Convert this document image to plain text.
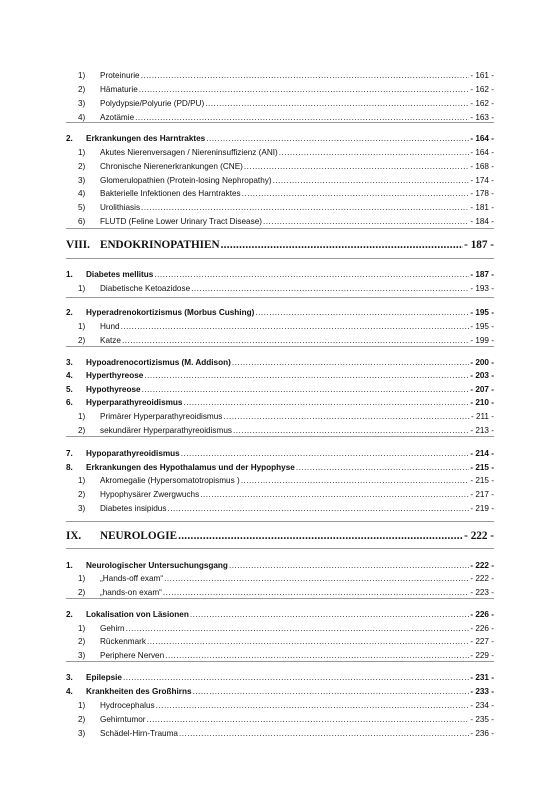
1)	Proteinurie .....	- 161 -
2)	Hämaturie .....	- 162 -
3)	Polydypsie/Polyurie (PD/PU) .....	- 162 -
4)	Azotämie .....	- 163 -
2.	Erkrankungen des Harntraktes .....	- 164 -
1)	Akutes Nierenversagen / Niereninsuffizienz (ANI) .....	- 164 -
2)	Chronische Nierenerkrankungen (CNE) .....	- 168 -
3)	Glomerulopathien (Protein-losing Nephropathy) .....	- 174 -
4)	Bakterielle Infektionen des Harntraktes .....	- 178 -
5)	Urolithiasis .....	- 181 -
6)	FLUTD (Feline Lower Urinary Tract Disease) .....	- 184 -
VIII. ENDOKRINOPATHIEN .....	- 187 -
1.	Diabetes mellitus .....	- 187 -
1)	Diabetische Ketoazidose .....	- 193 -
2.	Hyperadrenokortizismus (Morbus Cushing) .....	- 195 -
1)	Hund .....	- 195 -
2)	Katze .....	- 199 -
3.	Hypoadrenocortizismus (M. Addison) .....	- 200 -
4.	Hyperthyreose .....	- 203 -
5.	Hypothyreose .....	- 207 -
6.	Hyperparathyreoidismus .....	- 210 -
1)	Primärer Hyperparathyreoidismus .....	- 211 -
2)	sekundärer Hyperparathyreoidismus .....	- 213 -
7.	Hypoparathyreoidismus .....	- 214 -
8.	Erkrankungen des Hypothalamus und der Hypophyse .....	- 215 -
1)	Akromegalie (Hypersomatotropismus ) .....	- 215 -
2)	Hypophysärer Zwergwuchs .....	- 217 -
3)	Diabetes insipidus .....	- 219 -
IX.	NEUROLOGIE .....	- 222 -
1.	Neurologischer Untersuchungsgang .....	- 222 -
1)	„Hands-off exam“ .....	- 222 -
2)	„hands-on exam“ .....	- 223 -
2.	Lokalisation von Läsionen .....	- 226 -
1)	Gehirn .....	- 226 -
2)	Rückenmark .....	- 227 -
3)	Periphere Nerven .....	- 229 -
3.	Epilepsie .....	- 231 -
4.	Krankheiten des Großhirns .....	- 233 -
1)	Hydrocephalus .....	- 234 -
2)	Gehirntumor .....	- 235 -
3)	Schädel-Hirn-Trauma .....	- 236 -
